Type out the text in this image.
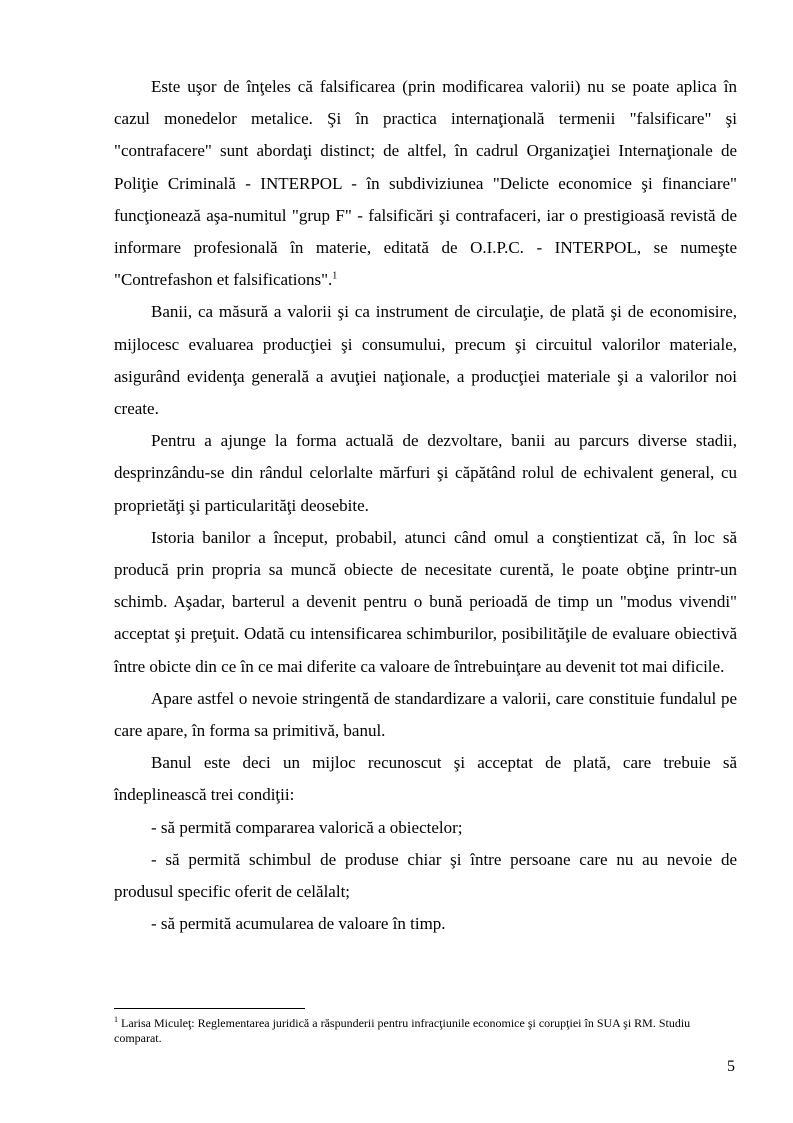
Este uşor de înţeles că falsificarea (prin modificarea valorii) nu se poate aplica în cazul monedelor metalice. Şi în practica internaţională termenii "falsificare" şi "contrafacere" sunt abordaţi distinct; de altfel, în cadrul Organizaţiei Internaţionale de Poliţie Criminală - INTERPOL - în subdiviziunea "Delicte economice şi financiare" funcţionează aşa-numitul "grup F" - falsificări şi contrafaceri, iar o prestigioasă revistă de informare profesională în materie, editată de O.I.P.C. - INTERPOL, se numeşte "Contrefashon et falsifications".$^1$

Banii, ca măsură a valorii şi ca instrument de circulaţie, de plată şi de economisire, mijlocesc evaluarea producţiei şi consumului, precum şi circuitul valorilor materiale, asigurând evidenţa generală a avuţiei naţionale, a producţiei materiale şi a valorilor noi create.

Pentru a ajunge la forma actuală de dezvoltare, banii au parcurs diverse stadii, desprinzându-se din rândul celorlalte mărfuri şi căpătând rolul de echivalent general, cu proprietăţi şi particularităţi deosebite.

Istoria banilor a început, probabil, atunci când omul a conştientizat că, în loc să producă prin propria sa muncă obiecte de necesitate curentă, le poate obţine printr-un schimb. Aşadar, barterul a devenit pentru o bună perioadă de timp un "modus vivendi" acceptat şi preţuit. Odată cu intensificarea schimburilor, posibilităţile de evaluare obiectivă între obicte din ce în ce mai diferite ca valoare de întrebuinţare au devenit tot mai dificile.

Apare astfel o nevoie stringentă de standardizare a valorii, care constituie fundalul pe care apare, în forma sa primitivă, banul.

Banul este deci un mijloc recunoscut şi acceptat de plată, care trebuie să îndeplinească trei condiţii:

- să permită compararea valorică a obiectelor;

- să permită schimbul de produse chiar şi între persoane care nu au nevoie de produsul specific oferit de celălalt;

- să permită acumularea de valoare în timp.

$^1$ Larisa Miculeţ: Reglementarea juridică a răspunderii pentru infracţiunile economice şi corupţiei în SUA şi RM. Studiu comparat.

5
